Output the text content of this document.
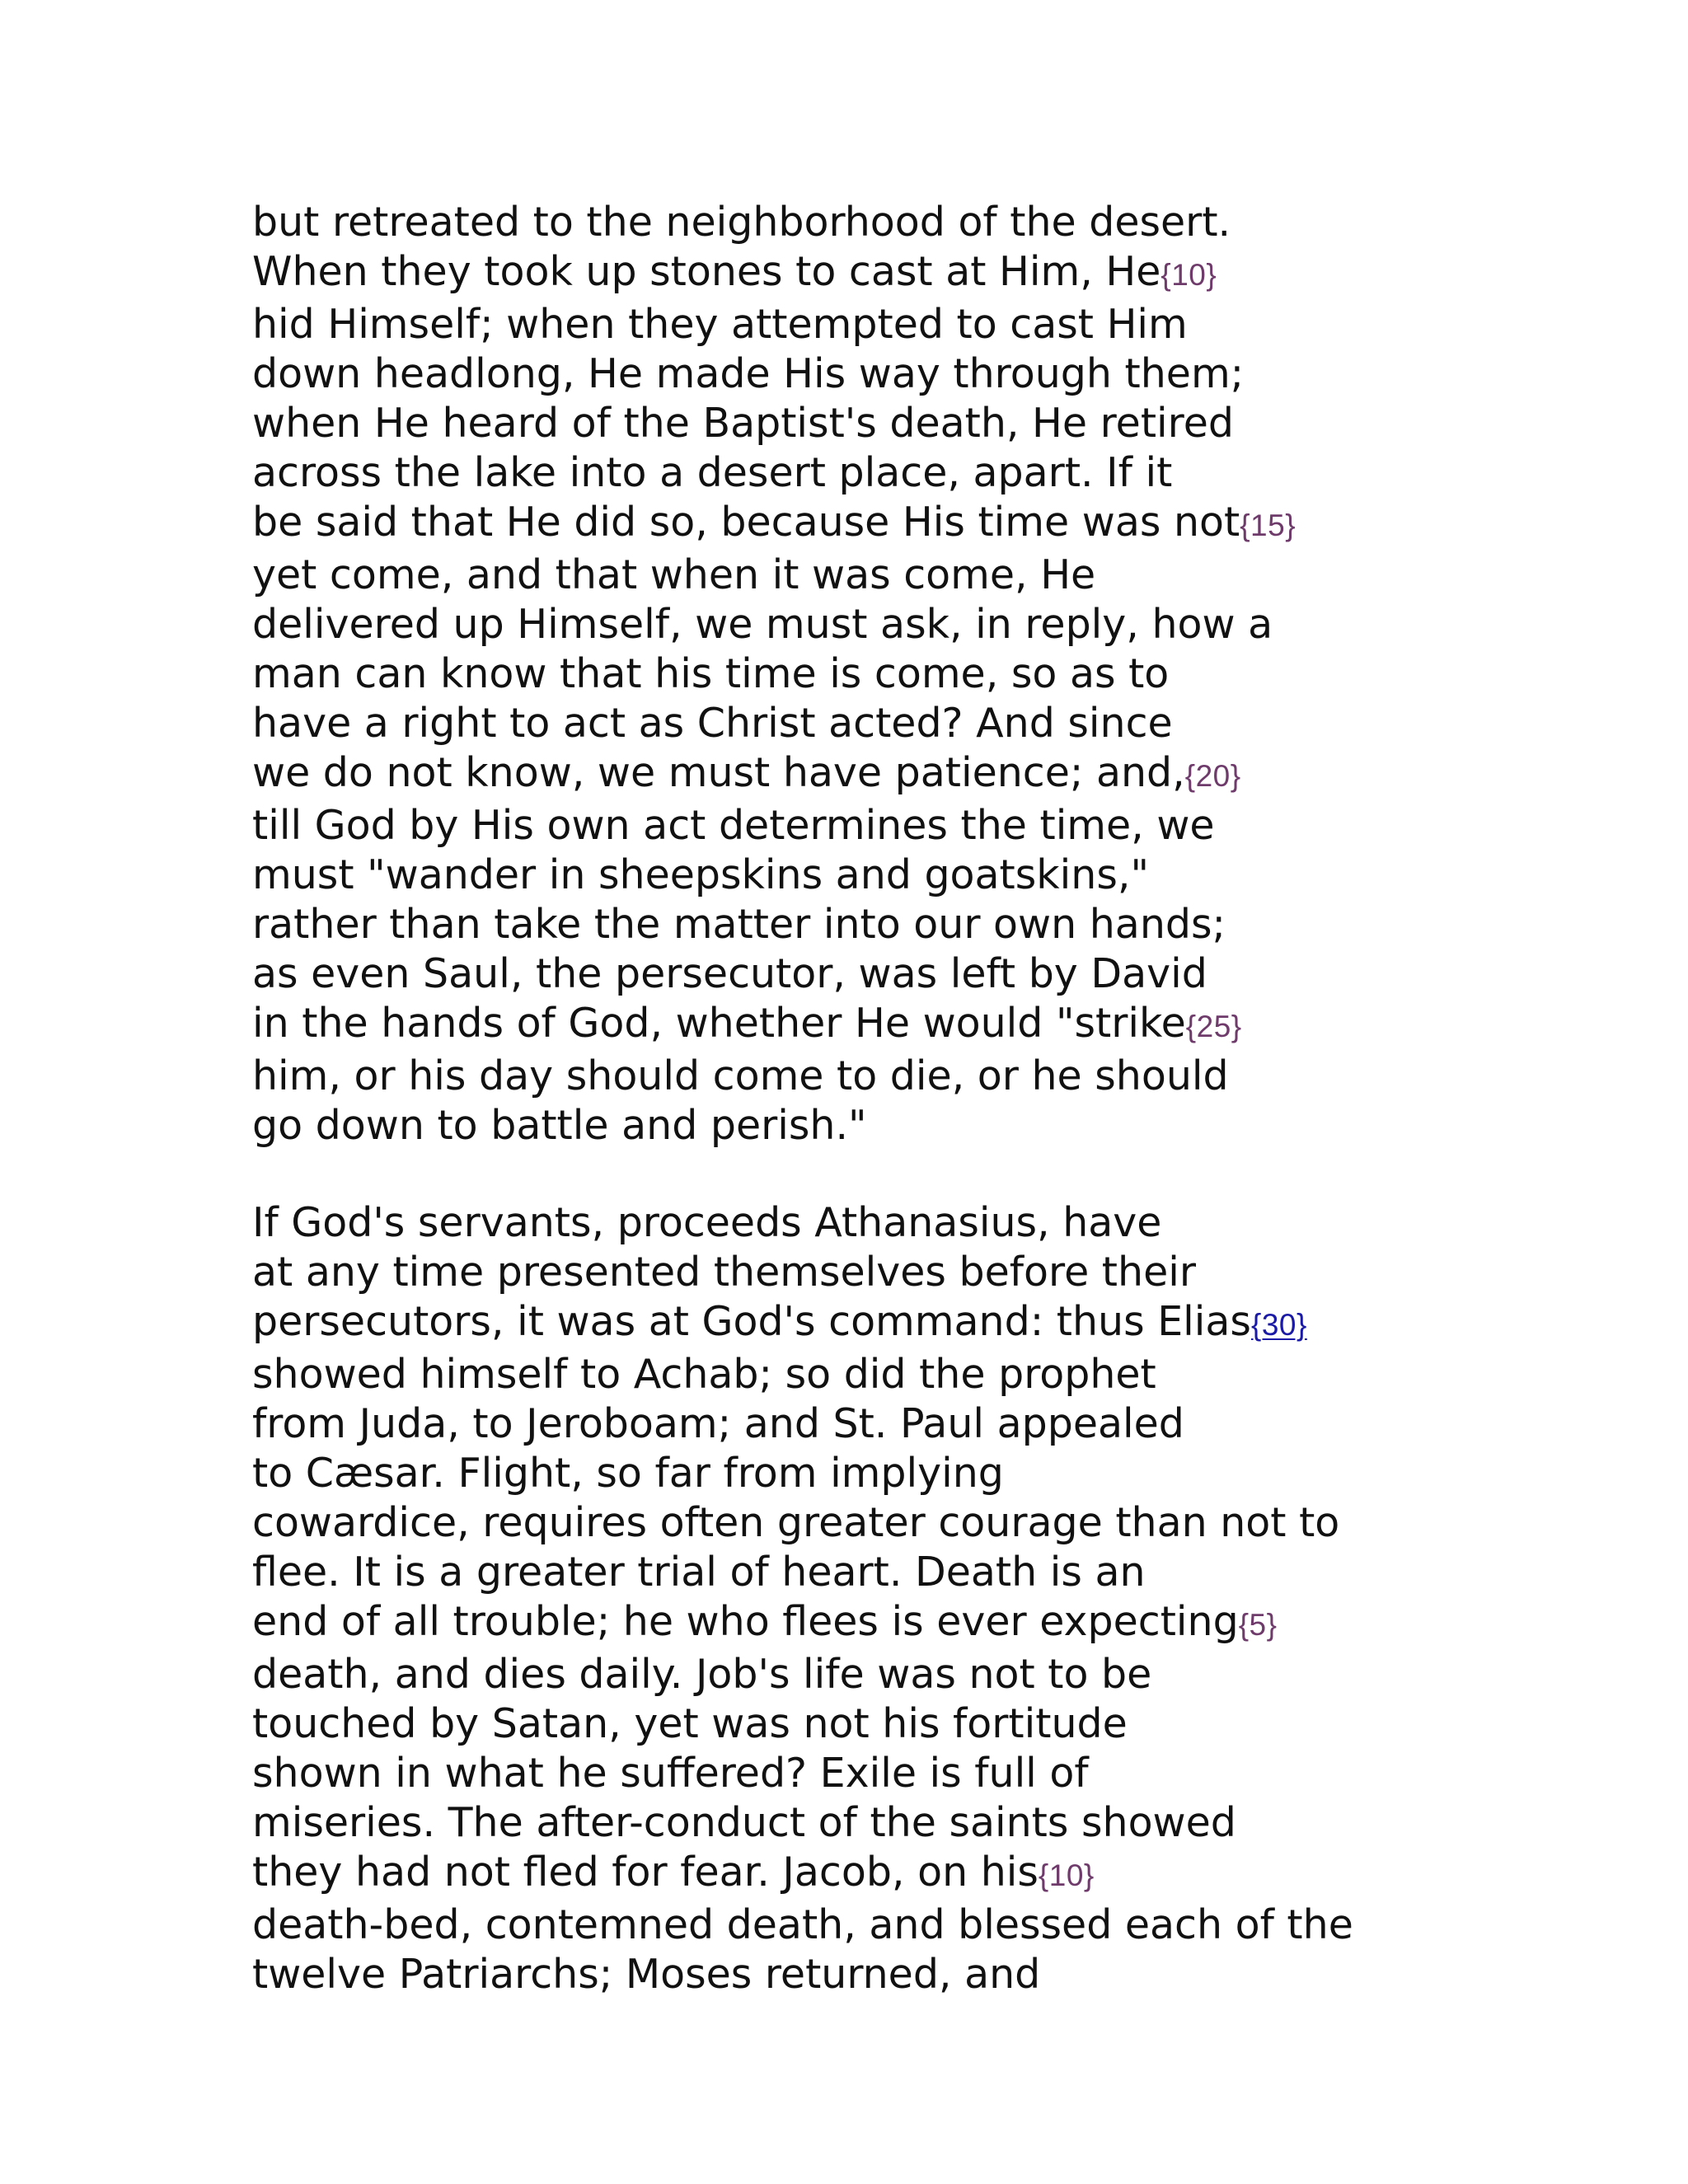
but retreated to the neighborhood of the desert.
When they took up stones to cast at Him, He{10}
hid Himself; when they attempted to cast Him
down headlong, He made His way through them;
when He heard of the Baptist's death, He retired
across the lake into a desert place, apart. If it
be said that He did so, because His time was not{15}
yet come, and that when it was come, He
delivered up Himself, we must ask, in reply, how a
man can know that his time is come, so as to
have a right to act as Christ acted? And since
we do not know, we must have patience; and,{20}
till God by His own act determines the time, we
must "wander in sheepskins and goatskins,"
rather than take the matter into our own hands;
as even Saul, the persecutor, was left by David
in the hands of God, whether He would "strike{25}
him, or his day should come to die, or he should
go down to battle and perish."

If God's servants, proceeds Athanasius, have
at any time presented themselves before their
persecutors, it was at God's command: thus Elias{30}
showed himself to Achab; so did the prophet
from Juda, to Jeroboam; and St. Paul appealed
to Cæsar. Flight, so far from implying
cowardice, requires often greater courage than not to
flee. It is a greater trial of heart. Death is an
end of all trouble; he who flees is ever expecting{5}
death, and dies daily. Job's life was not to be
touched by Satan, yet was not his fortitude
shown in what he suffered? Exile is full of
miseries. The after-conduct of the saints showed
they had not fled for fear. Jacob, on his{10}
death-bed, contemned death, and blessed each of the
twelve Patriarchs; Moses returned, and
